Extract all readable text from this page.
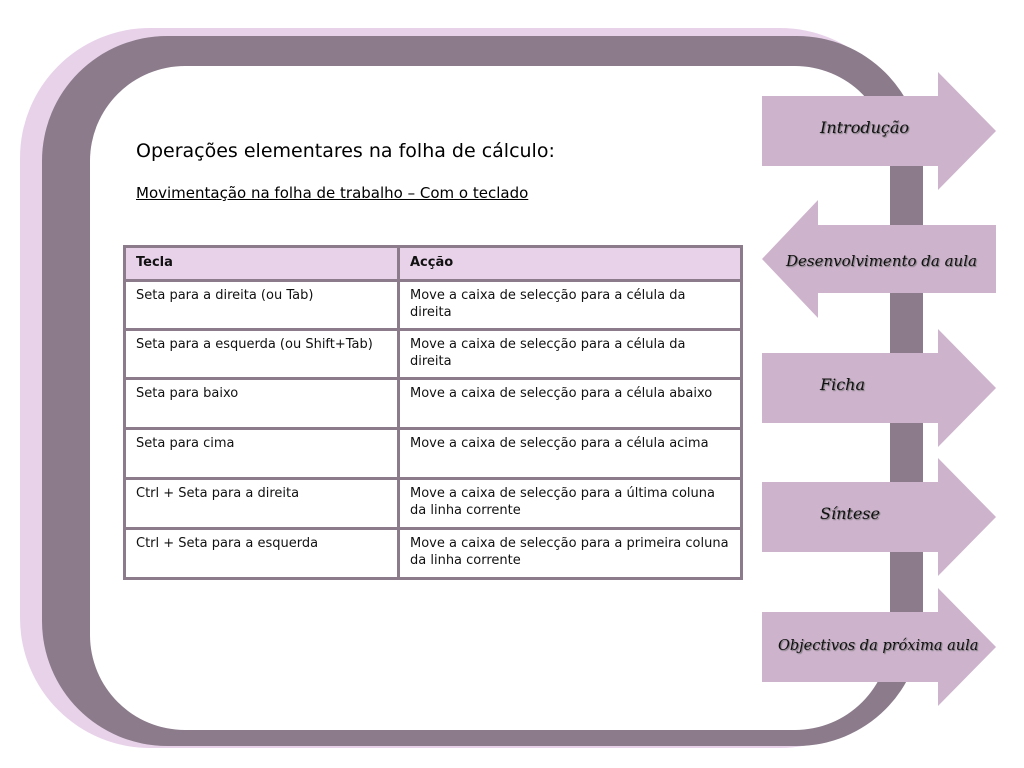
Operações elementares na folha de cálculo:

Movimentação na folha de trabalho – Com o teclado

Tecla	Acção
Seta para a direita (ou Tab)	Move a caixa de selecção para a célula da direita
Seta para a esquerda (ou Shift+Tab)	Move a caixa de selecção para a célula da direita
Seta para baixo	Move a caixa de selecção para a célula abaixo
Seta para cima	Move a caixa de selecção para a célula acima
Ctrl + Seta para a direita	Move a caixa de selecção para a última coluna da linha corrente
Ctrl + Seta para a esquerda	Move a caixa de selecção para a primeira coluna da linha corrente
Introdução
Desenvolvimento da aula
Ficha
Síntese
Objectivos da próxima aula
